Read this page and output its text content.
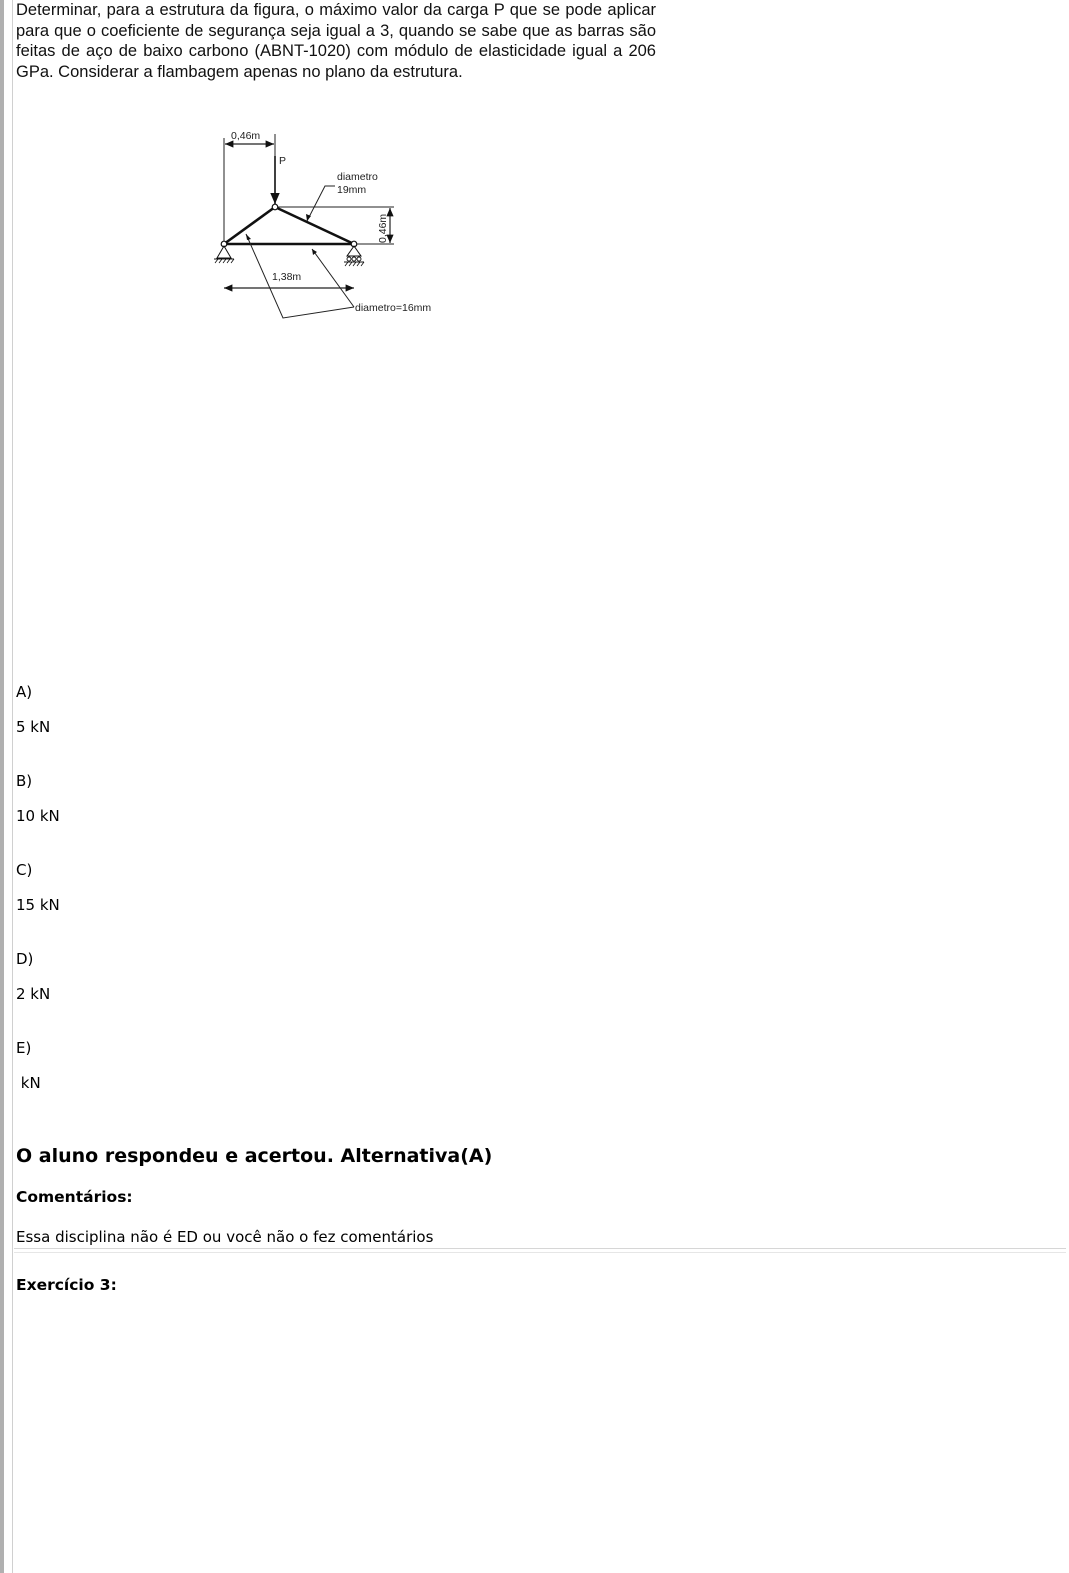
Determinar, para a estrutura da figura, o máximo valor da carga P que se pode aplicar para que o coeficiente de segurança seja igual a 3, quando se sabe que as barras são feitas de aço de baixo carbono (ABNT-1020) com módulo de elasticidade igual a 206 GPa. Considerar a flambagem apenas no plano da estrutura.

0,46m
P
0,46m
1,38m
diametro
19mm
diametro=16mm

A)

5 kN

B)

10 kN

C)

15 kN

D)

2 kN

E)

kN

O aluno respondeu e acertou. Alternativa(A)

Comentários:

Essa disciplina não é ED ou você não o fez comentários

Exercício 3:
